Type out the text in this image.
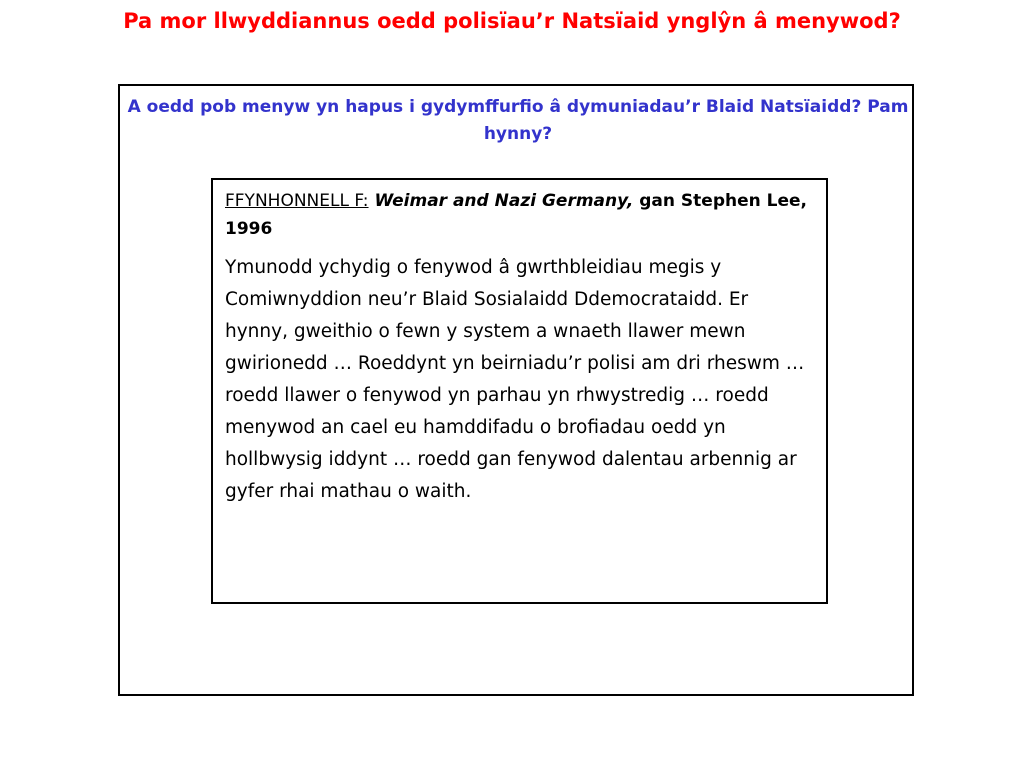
Pa mor llwyddiannus oedd polisïau’r Natsïaid ynglŷn â menywod?

A oedd pob menyw yn hapus i gydymffurfio â dymuniadau’r Blaid Natsïaidd? Pam hynny?

FFYNHONNELL F: Weimar and Nazi Germany, gan Stephen Lee, 1996

Ymunodd ychydig o fenywod â gwrthbleidiau megis y Comiwnyddion neu’r Blaid Sosialaidd Ddemocrataidd. Er hynny, gweithio o fewn y system a wnaeth llawer mewn gwirionedd … Roeddynt yn beirniadu’r polisi am dri rheswm … roedd llawer o fenywod yn parhau yn rhwystredig … roedd menywod an cael eu hamddifadu o brofiadau oedd yn hollbwysig iddynt … roedd gan fenywod dalentau arbennig ar gyfer rhai mathau o waith.
